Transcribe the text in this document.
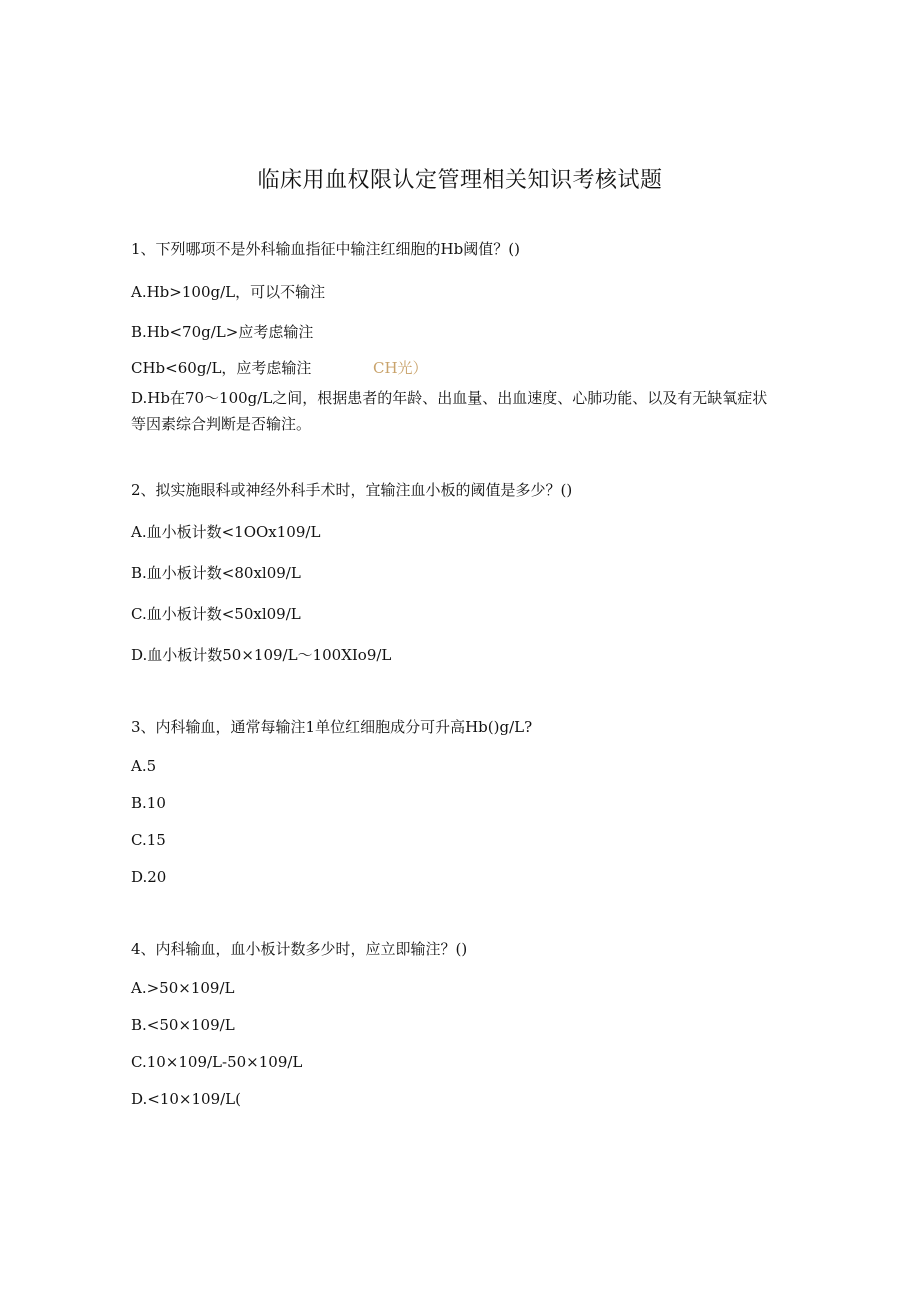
临床用血权限认定管理相关知识考核试题
1、下列哪项不是外科输血指征中输注红细胞的Hb阈值？()
A.Hb>100g/L，可以不输注
B.Hb<70g/L>应考虑输注
CHb<60g/L，应考虑输注	CH光）
D.Hb在70～100g/L之间，根据患者的年龄、出血量、出血速度、心肺功能、以及有无缺氧症状等因素综合判断是否输注。
2、拟实施眼科或神经外科手术时，宜输注血小板的阈值是多少？()
A.血小板计数<1OOx109/L
B.血小板计数<80xl09/L
C.血小板计数<50xl09/L
D.血小板计数50×109/L～100XIo9/L
3、内科输血，通常每输注1单位红细胞成分可升高Hb()g/L?
A.5
B.10
C.15
D.20
4、内科输血，血小板计数多少时，应立即输注？()
A.>50×109/L
B.<50×109/L
C.10×109/L-50×109/L
D.<10×109/L(
